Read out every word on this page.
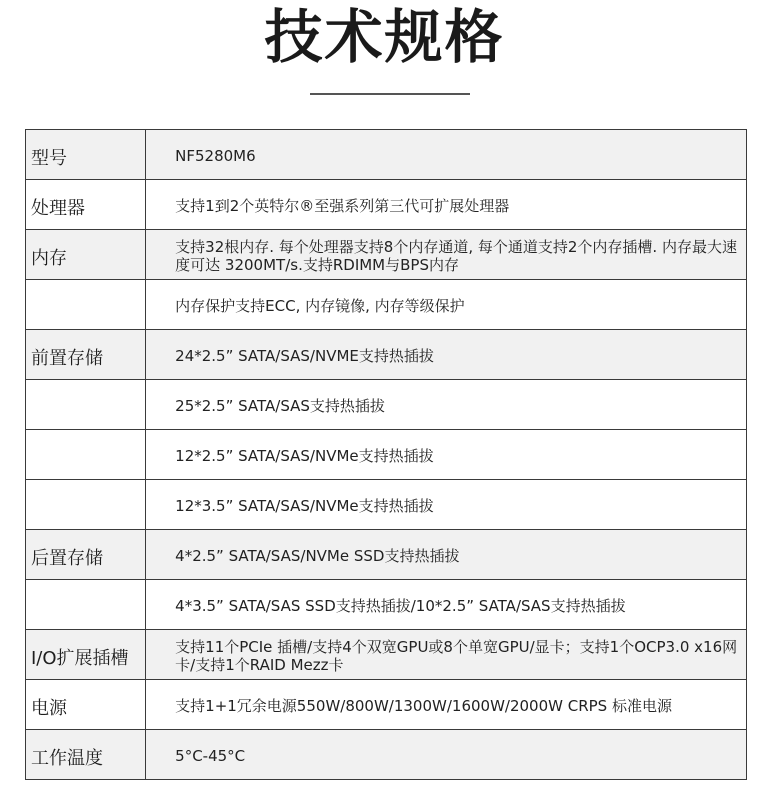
技术规格
型号	NF5280M6

处理器	支持1到2个英特尔®至强系列第三代可扩展处理器

内存	支持32根内存. 每个处理器支持8个内存通道, 每个通道支持2个内存插槽. 内存最大速度可达 3200MT/s.支持RDIMM与BPS内存

	内存保护支持ECC, 内存镜像, 内存等级保护

前置存储	24*2.5” SATA/SAS/NVME支持热插拔

	25*2.5” SATA/SAS支持热插拔

	12*2.5” SATA/SAS/NVMe支持热插拔

	12*3.5” SATA/SAS/NVMe支持热插拔

后置存储	4*2.5” SATA/SAS/NVMe SSD支持热插拔

	4*3.5” SATA/SAS SSD支持热插拔/10*2.5” SATA/SAS支持热插拔

I/O扩展插槽	支持11个PCIe 插槽/支持4个双宽GPU或8个单宽GPU/显卡；支持1个OCP3.0 x16网卡/支持1个RAID Mezz卡

电源	支持1+1冗余电源550W/800W/1300W/1600W/2000W CRPS 标准电源

工作温度	5°C-45°C
